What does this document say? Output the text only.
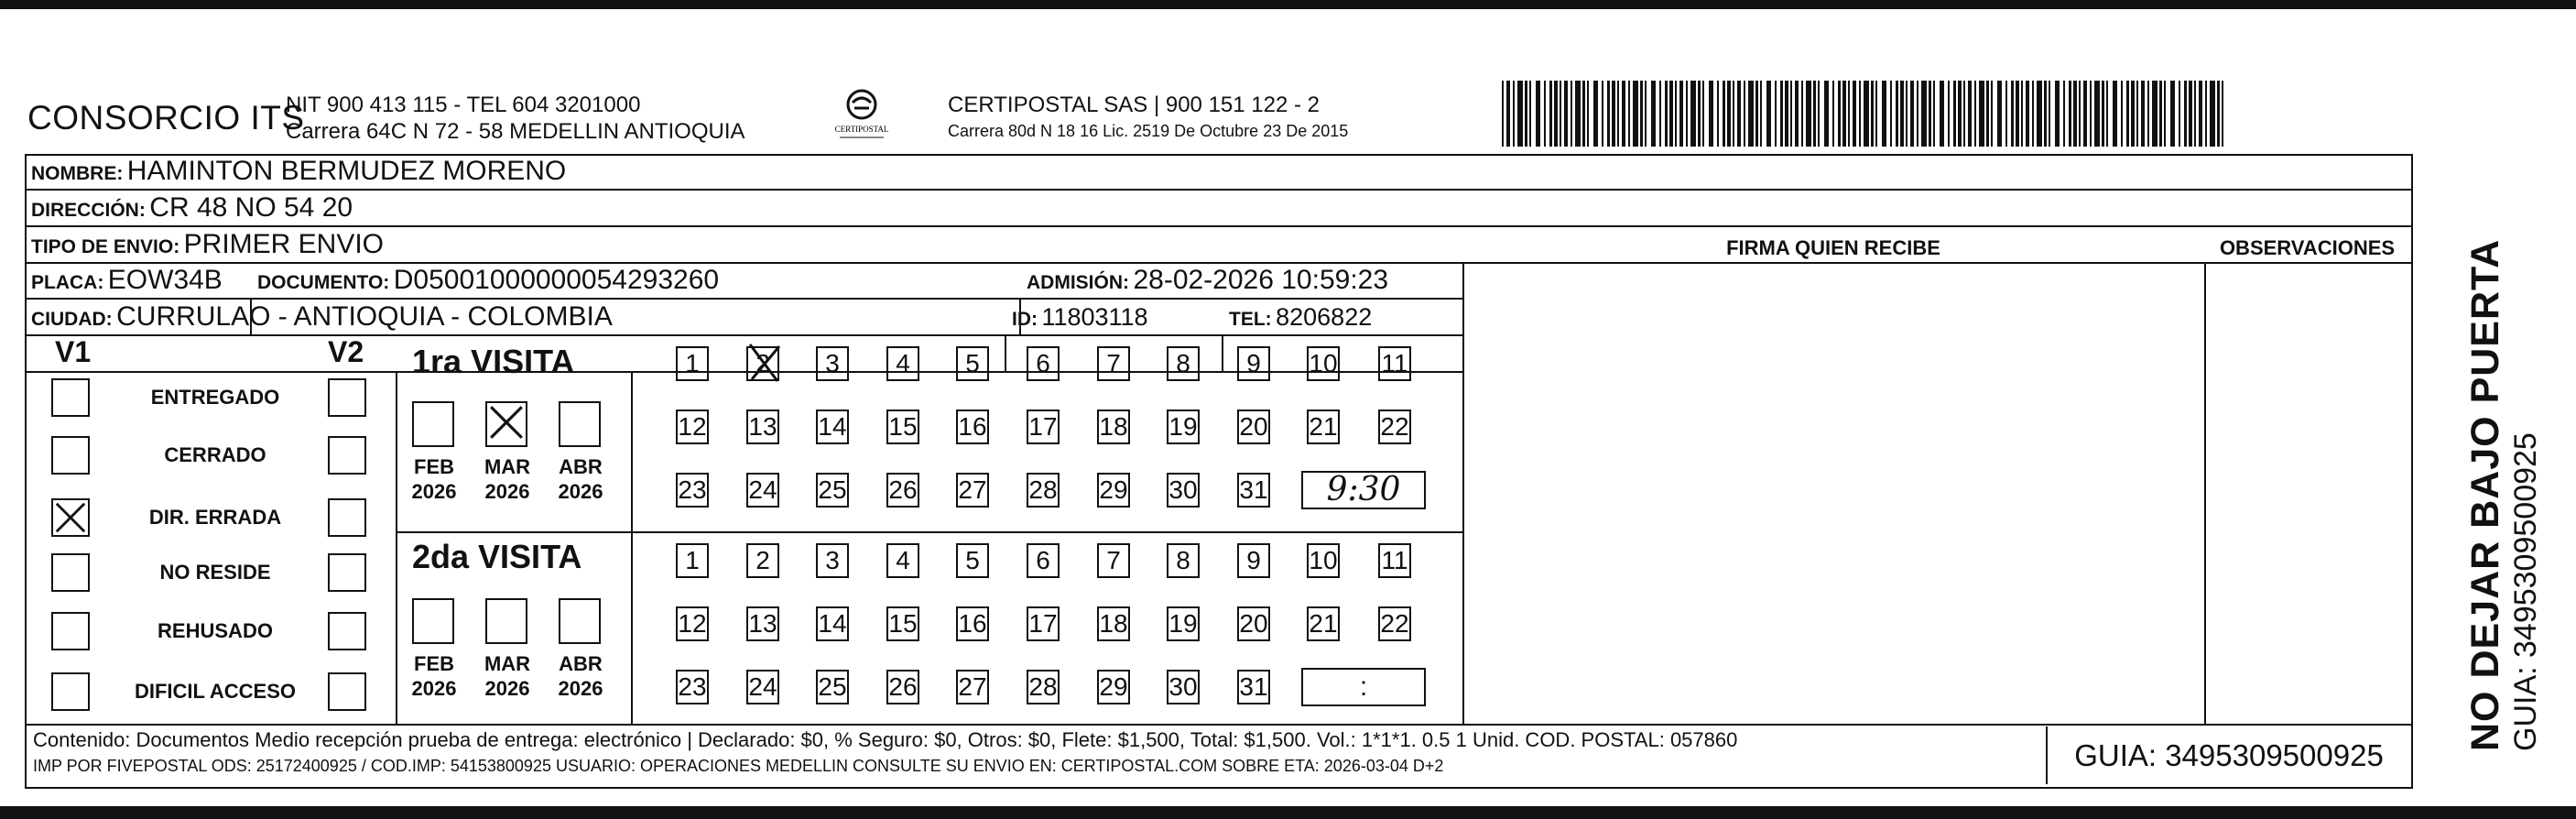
CONSORCIO ITS
NIT 900 413 115 - TEL 604 3201000
Carrera 64C N 72 - 58 MEDELLIN ANTIOQUIA	CERTIPOSTAL
CERTIPOSTAL SAS | 900 151 122 - 2
Carrera 80d N 18 16 Lic. 2519 De Octubre 23 De 2015
NOMBRE: HAMINTON BERMUDEZ MORENO
DIRECCIÓN: CR 48 NO 54 20
TIPO DE ENVIO: PRIMER ENVIO	FIRMA QUIEN RECIBE	OBSERVACIONES
PLACA: EOW34B DOCUMENTO: D05001000000054293260	ADMISIÓN: 28-02-2026 10:59:23
CIUDAD: CURRULAO - ANTIOQUIA - COLOMBIA	ID: 11803118	TEL: 8206822
V1	V2
ENTREGADO
CERRADO
DIR. ERRADA
NO RESIDE
REHUSADO
DIFICIL ACCESO
1ra VISITA
2da VISITA
FEB
2026
MAR
2026
ABR
2026
1	2	3	4	5	6	7	8	9	10 11
12 13 14 15 16 17 18 19 20 21 22
23 24 25 26 27 28 29 30 31	9:30
FEB
2026
MAR
2026
ABR
2026
1	2	3	4	5	6	7	8	9	10 11
12 13 14 15 16 17 18 19 20 21 22
23 24 25 26 27 28 29 30 31	:
Contenido: Documentos Medio recepción prueba de entrega: electrónico | Declarado: $0, % Seguro: $0, Otros: $0, Flete: $1,500, Total: $1,500. Vol.: 1*1*1. 0.5 1 Unid. COD. POSTAL: 057860
IMP POR FIVEPOSTAL ODS: 25172400925 / COD.IMP: 54153800925 USUARIO: OPERACIONES MEDELLIN CONSULTE SU ENVIO EN: CERTIPOSTAL.COM SOBRE ETA: 2026-03-04 D+2	GUIA: 3495309500925
NO DEJAR BAJO PUERTA GUIA: 3495309500925
